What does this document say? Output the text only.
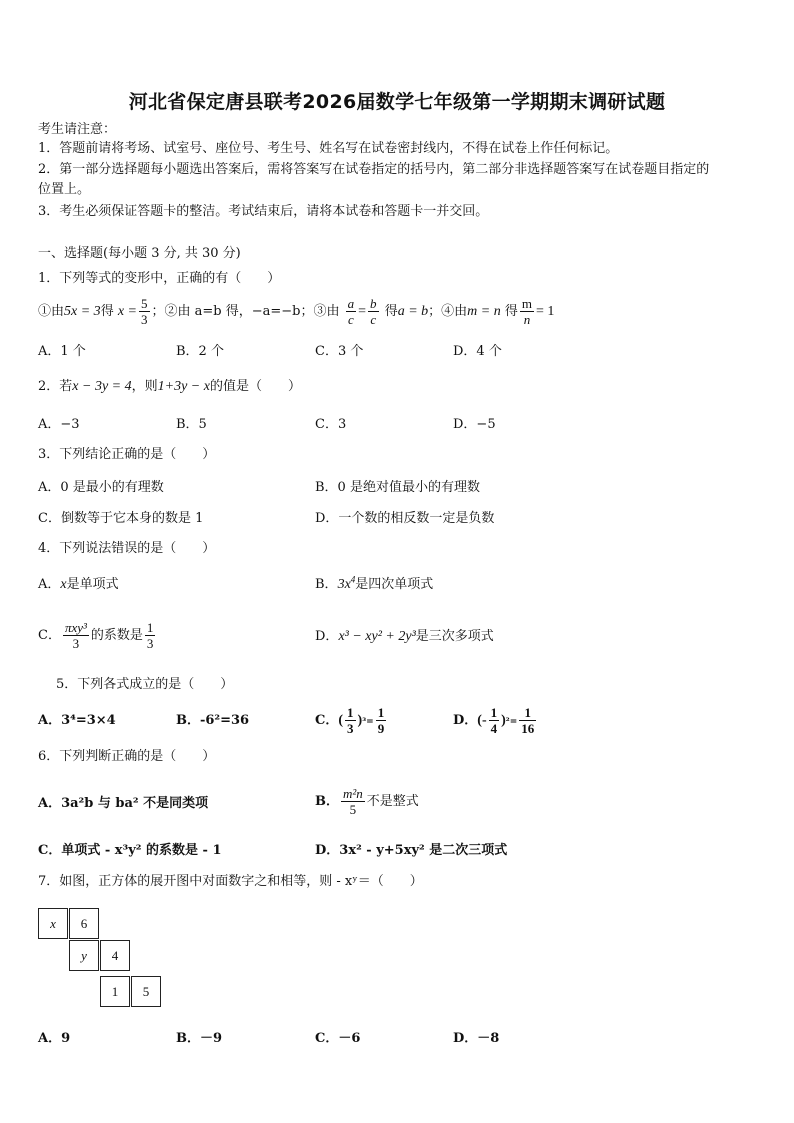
河北省保定唐县联考2026届数学七年级第一学期期末调研试题
考生请注意：
1．答题前请将考场、试室号、座位号、考生号、姓名写在试卷密封线内，不得在试卷上作任何标记。
2．第一部分选择题每小题选出答案后，需将答案写在试卷指定的括号内，第二部分非选择题答案写在试卷题目指定的
位置上。
3．考生必须保证答题卡的整洁。考试结束后，请将本试卷和答题卡一并交回。
一、选择题(每小题 3 分, 共 30 分)
1．下列等式的变形中，正确的有（　　）
①由5x = 3得 $x = \frac{5}{3}$ ；②由 a=b 得，−a=−b；③由 $\frac{a}{c} = \frac{b}{c}$ 得a = b；④由m = n 得 $\frac{m}{n} = 1$
A．1 个	B．2 个	C．3 个	D．4 个
2．若x − 3y = 4，则1+3y − x的值是（　　）
A．−3	B．5	C．3	D．−5
3．下列结论正确的是（　　）
A．0 是最小的有理数	B．0 是绝对值最小的有理数
C．倒数等于它本身的数是 1	D．一个数的相反数一定是负数
4．下列说法错误的是（　　）
A．x是单项式	B．$3x^4$是四次单项式
C． $\frac{\text{πxy³}}{3}$ 的系数是 $\frac{1}{3}$	D．x³ − xy² + 2y³是三次多项式
5．下列各式成立的是（　　）
A．3⁴=3×4	B．-6²=36	C．( $\frac{1}{3} )^3= \frac{1}{9}$	D．(- $\frac{1}{4} )^2= \frac{1}{16}$
6．下列判断正确的是（　　）
A．3a²b 与 ba² 不是同类项	B． $\frac{\text{m²n}}{5}$ 不是整式
C．单项式 - x³y² 的系数是 - 1	D．3x² - y+5xy² 是二次三项式
7．如图，正方体的展开图中对面数字之和相等，则 - xʸ＝（　　）
x	6
y	4
1	5
A．9	B．－9	C．－6	D．－8
